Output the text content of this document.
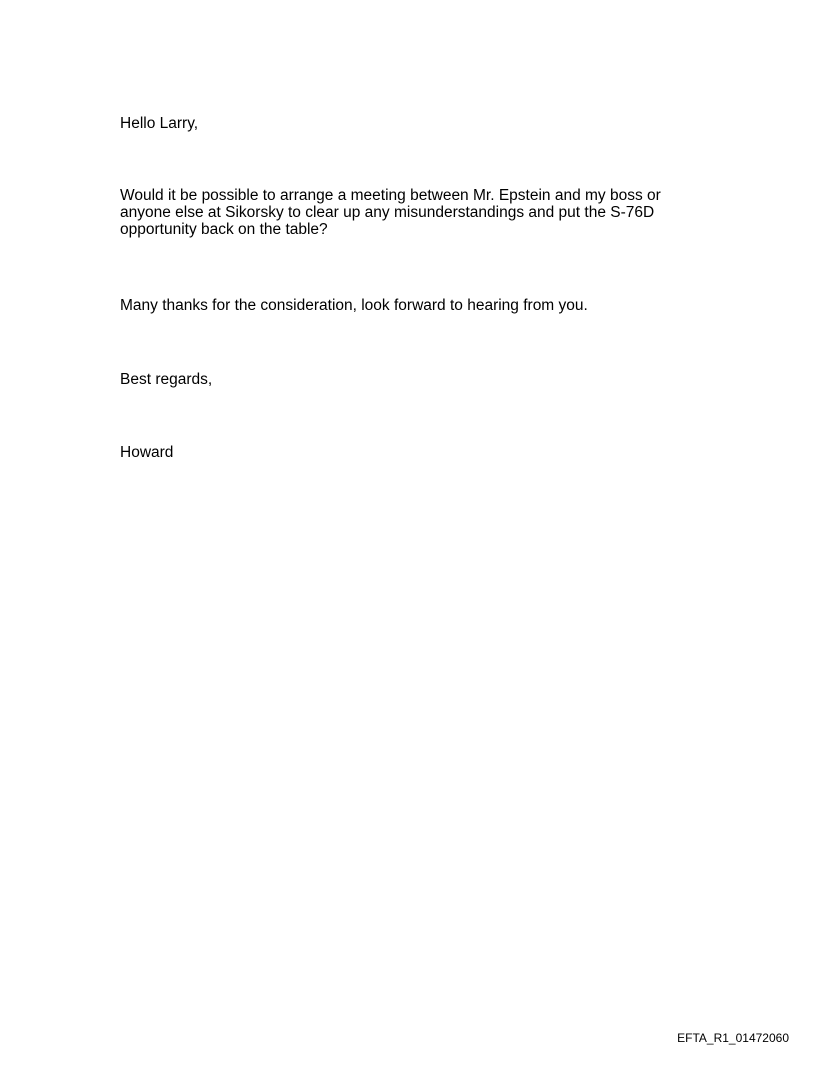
Hello Larry,

Would it be possible to arrange a meeting between Mr. Epstein and my boss or
anyone else at Sikorsky to clear up any misunderstandings and put the S-76D
opportunity back on the table?

Many thanks for the consideration, look forward to hearing from you.

Best regards,

Howard

EFTA_R1_01472060
